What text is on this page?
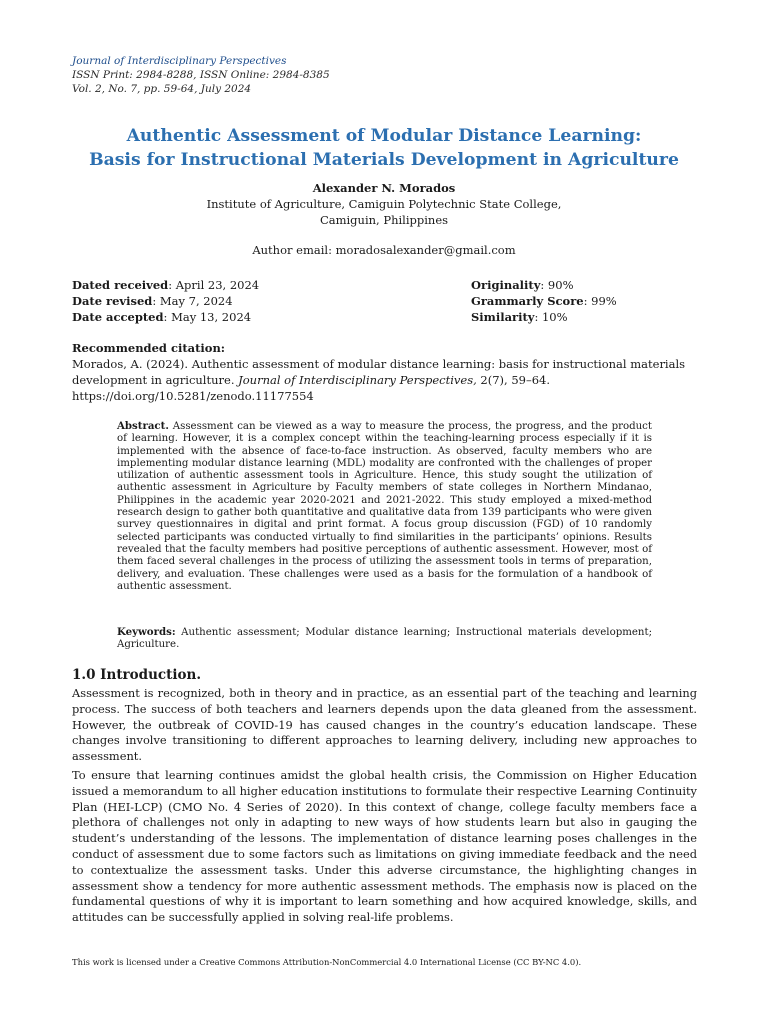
Journal of Interdisciplinary Perspectives
ISSN Print: 2984-8288, ISSN Online: 2984-8385
Vol. 2, No. 7, pp. 59-64, July 2024
Authentic Assessment of Modular Distance Learning:
Basis for Instructional Materials Development in Agriculture
Alexander N. Morados
Institute of Agriculture, Camiguin Polytechnic State College,
Camiguin, Philippines
Author email: moradosalexander@gmail.com
Dated received: April 23, 2024
Date revised: May 7, 2024
Date accepted: May 13, 2024
Originality: 90%
Grammarly Score: 99%
Similarity: 10%
Recommended citation:
Morados, A. (2024). Authentic assessment of modular distance learning: basis for instructional materials development in agriculture. Journal of Interdisciplinary Perspectives, 2(7), 59–64.
https://doi.org/10.5281/zenodo.11177554
Abstract. Assessment can be viewed as a way to measure the process, the progress, and the product of learning. However, it is a complex concept within the teaching-learning process especially if it is implemented with the absence of face-to-face instruction. As observed, faculty members who are implementing modular distance learning (MDL) modality are confronted with the challenges of proper utilization of authentic assessment tools in Agriculture. Hence, this study sought the utilization of authentic assessment in Agriculture by Faculty members of state colleges in Northern Mindanao, Philippines in the academic year 2020-2021 and 2021-2022. This study employed a mixed-method research design to gather both quantitative and qualitative data from 139 participants who were given survey questionnaires in digital and print format. A focus group discussion (FGD) of 10 randomly selected participants was conducted virtually to find similarities in the participants’ opinions. Results revealed that the faculty members had positive perceptions of authentic assessment. However, most of them faced several challenges in the process of utilizing the assessment tools in terms of preparation, delivery, and evaluation. These challenges were used as a basis for the formulation of a handbook of authentic assessment.
Keywords: Authentic assessment; Modular distance learning; Instructional materials development; Agriculture.
1.0 Introduction.
Assessment is recognized, both in theory and in practice, as an essential part of the teaching and learning process. The success of both teachers and learners depends upon the data gleaned from the assessment. However, the outbreak of COVID-19 has caused changes in the country’s education landscape. These changes involve transitioning to different approaches to learning delivery, including new approaches to assessment.
To ensure that learning continues amidst the global health crisis, the Commission on Higher Education issued a memorandum to all higher education institutions to formulate their respective Learning Continuity Plan (HEI-LCP) (CMO No. 4 Series of 2020). In this context of change, college faculty members face a plethora of challenges not only in adapting to new ways of how students learn but also in gauging the student’s understanding of the lessons. The implementation of distance learning poses challenges in the conduct of assessment due to some factors such as limitations on giving immediate feedback and the need to contextualize the assessment tasks. Under this adverse circumstance, the highlighting changes in assessment show a tendency for more authentic assessment methods. The emphasis now is placed on the fundamental questions of why it is important to learn something and how acquired knowledge, skills, and attitudes can be successfully applied in solving real-life problems.
This work is licensed under a Creative Commons Attribution-NonCommercial 4.0 International License (CC BY-NC 4.0).
